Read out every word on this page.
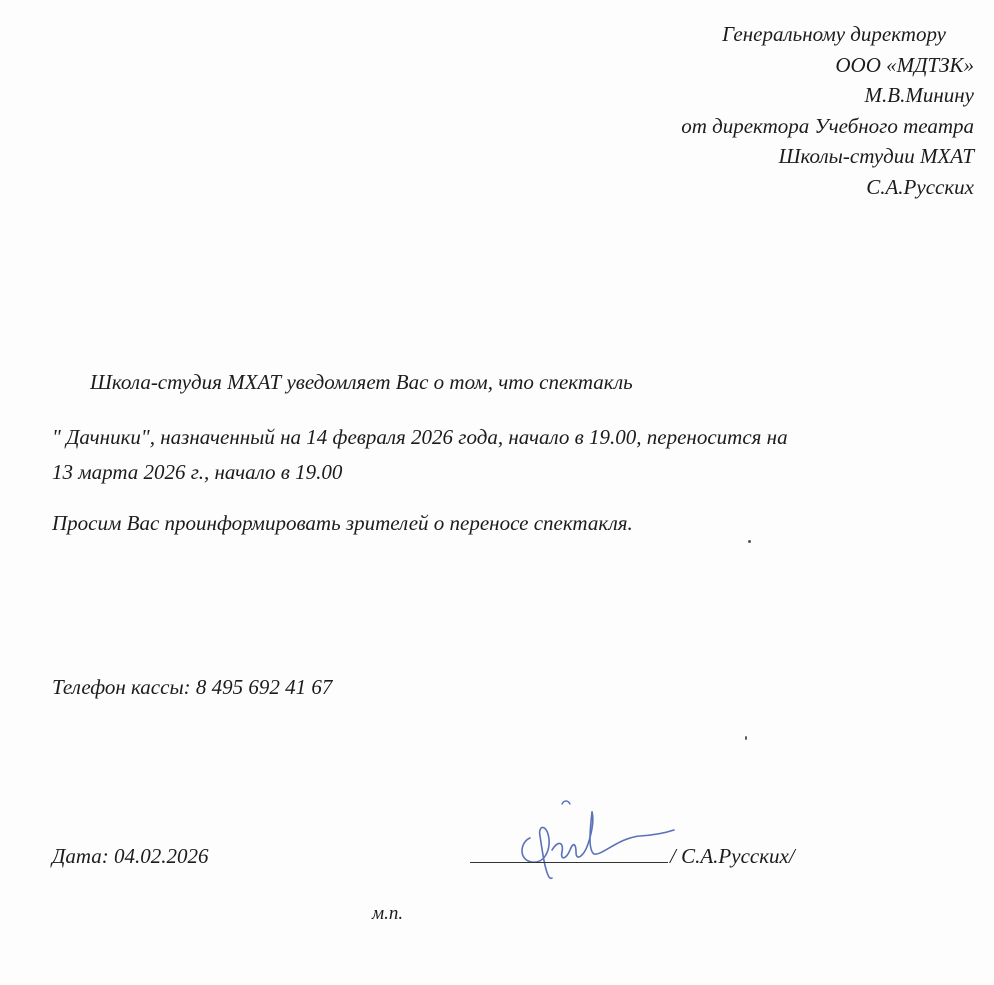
Генеральному директору
ООО «МДТЗК»
М.В.Минину
от директора Учебного театра
Школы-студии МХАТ
С.А.Русских
Школа-студия МХАТ уведомляет Вас о том, что спектакль
" Дачники", назначенный на 14 февраля 2026 года, начало в 19.00, переносится на
13 марта 2026 г., начало в 19.00
Просим Вас проинформировать зрителей о переносе спектакля.
Телефон кассы: 8 495 692 41 67
Дата: 04.02.2026	/ С.А.Русских/
м.п.
